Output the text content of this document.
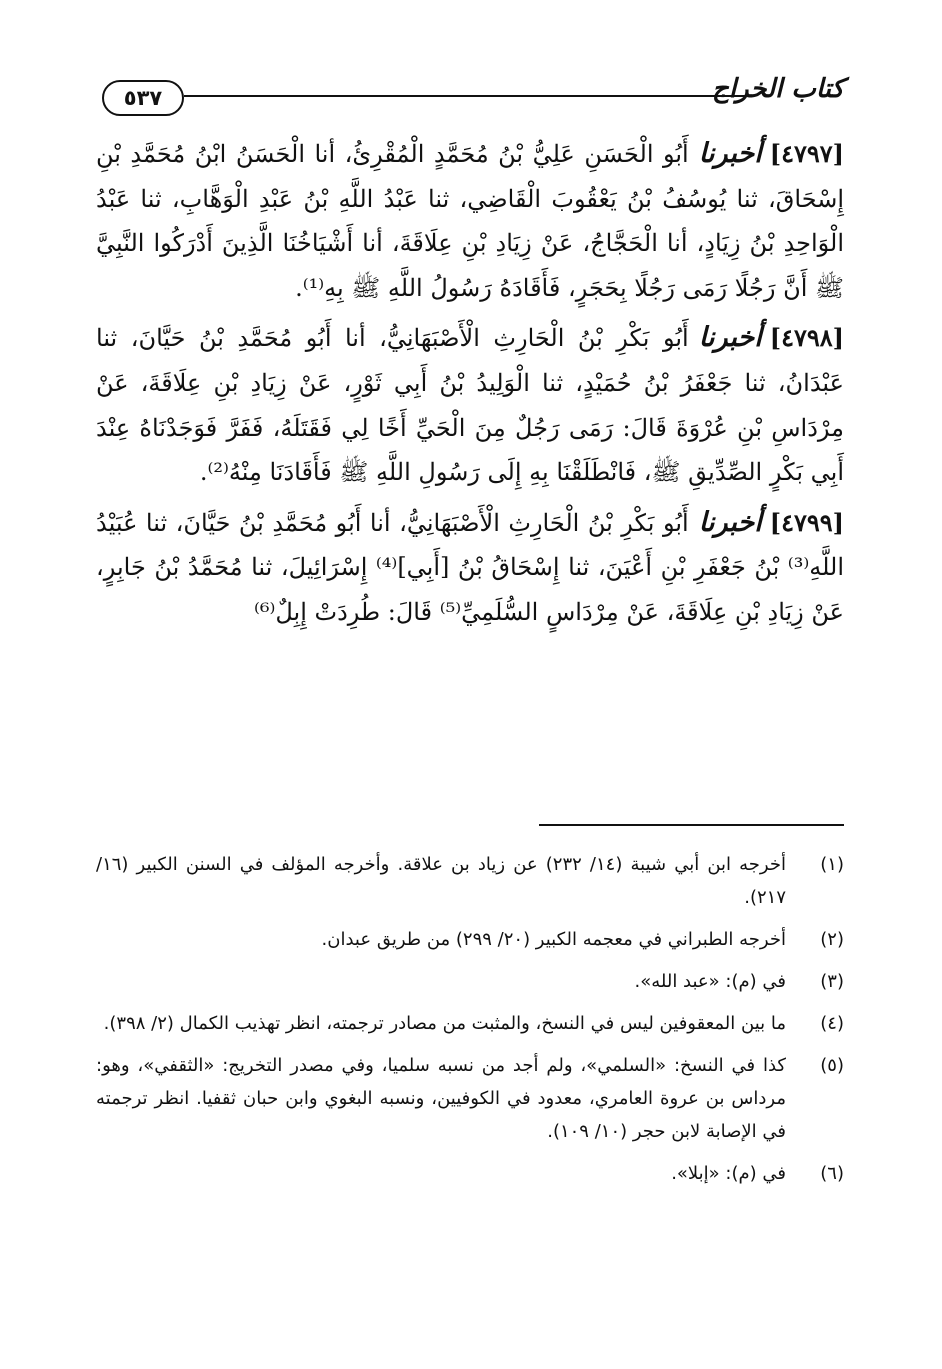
٥٣٧	كتاب الخراج

[٤٧٩٧]أخبرناأَبُو الْحَسَنِ عَلِيُّ بْنُ مُحَمَّدٍ الْمُقْرِئُ، أنا الْحَسَنُ ابْنُ مُحَمَّدِ بْنِ إِسْحَاقَ، ثنا يُوسُفُ بْنُ يَعْقُوبَ الْقَاضِي، ثنا عَبْدُ اللَّهِ بْنُ عَبْدِ الْوَهَّابِ، ثنا عَبْدُ الْوَاحِدِ بْنُ زِيَادٍ، أنا الْحَجَّاجُ، عَنْ زِيَادِ بْنِ عِلَاقَةَ، أنا أَشْيَاخُنَا الَّذِينَ أَدْرَكُوا النَّبِيَّ ﷺ أَنَّ رَجُلًا رَمَى رَجُلًا بِحَجَرٍ، فَأَقَادَهُ رَسُولُ اللَّهِ ﷺ بِهِ⁽¹⁾.

[٤٧٩٨]أخبرناأَبُو بَكْرِ بْنُ الْحَارِثِ الْأَصْبَهَانِيُّ، أنا أَبُو مُحَمَّدِ بْنُ حَيَّانَ، ثنا عَبْدَانُ، ثنا جَعْفَرُ بْنُ حُمَيْدٍ، ثنا الْوَلِيدُ بْنُ أَبِي ثَوْرٍ، عَنْ زِيَادِ بْنِ عِلَاقَةَ، عَنْ مِرْدَاسِ بْنِ عُرْوَةَ قَالَ: رَمَى رَجُلٌ مِنَ الْحَيِّ أَخًا لِي فَقَتَلَهُ، فَفَرَّ فَوَجَدْنَاهُ عِنْدَ أَبِي بَكْرٍ الصِّدِّيقِ ﷺ، فَانْطَلَقْنَا بِهِ إِلَى رَسُولِ اللَّهِ ﷺ فَأَقَادَنَا مِنْهُ⁽²⁾.

[٤٧٩٩]أخبرناأَبُو بَكْرِ بْنُ الْحَارِثِ الْأَصْبَهَانِيُّ، أنا أَبُو مُحَمَّدِ بْنُ حَيَّانَ، ثنا عُبَيْدُ اللَّهِ⁽³⁾ بْنُ جَعْفَرِ بْنِ أَعْيَنَ، ثنا إِسْحَاقُ بْنُ [أَبِي]⁽⁴⁾ إِسْرَائِيلَ، ثنا مُحَمَّدُ بْنُ جَابِرٍ، عَنْ زِيَادِ بْنِ عِلَاقَةَ، عَنْ مِرْدَاسٍ السُّلَمِيِّ⁽⁵⁾ قَالَ: طُرِدَتْ إِبِلٌ⁽⁶⁾

(١)
أخرجه ابن أبي شيبة (١٤/ ٢٣٢) عن زياد بن علاقة. وأخرجه المؤلف في السنن الكبير (١٦/ ٢١٧).
(٢)
أخرجه الطبراني في معجمه الكبير (٢٠/ ٢٩٩) من طريق عبدان.
(٣)
في (م): «عبد الله».
(٤)
ما بين المعقوفين ليس في النسخ، والمثبت من مصادر ترجمته، انظر تهذيب الكمال (٢/ ٣٩٨).
(٥)
كذا في النسخ: «السلمي»، ولم أجد من نسبه سلميا، وفي مصدر التخريج: «الثقفي»، وهو: مرداس بن عروة العامري، معدود في الكوفيين، ونسبه البغوي وابن حبان ثقفيا. انظر ترجمته في الإصابة لابن حجر (١٠/ ١٠٩).
(٦)
في (م): «إبلا».
